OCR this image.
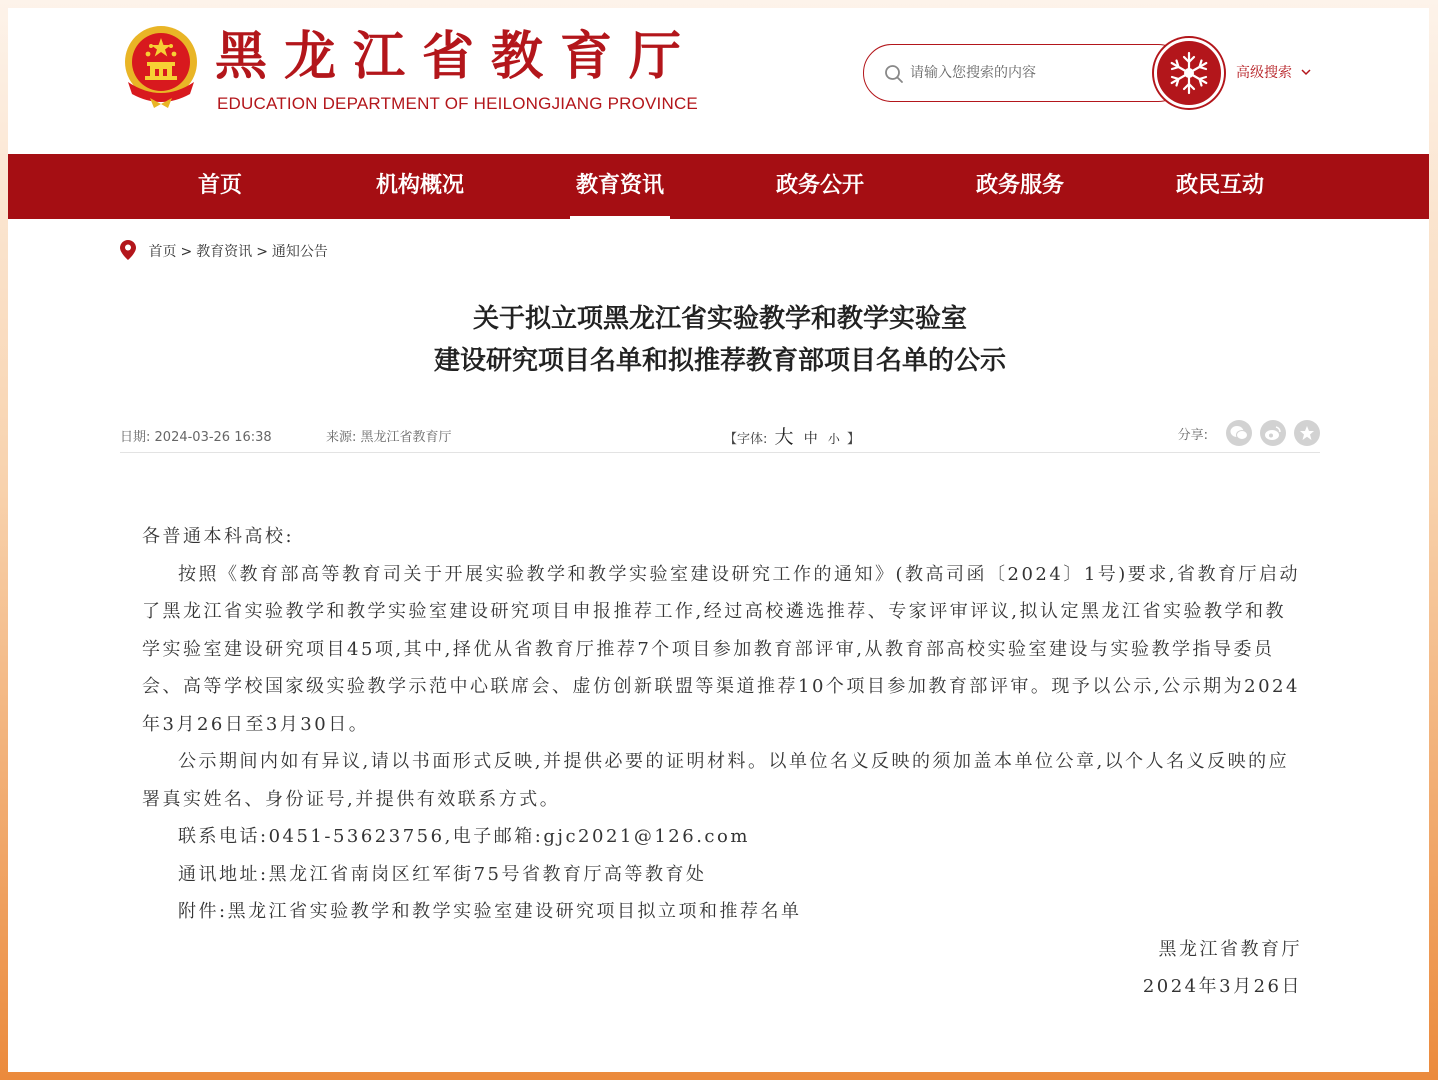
黑龙江省教育厅
EDUCATION DEPARTMENT OF HEILONGJIANG PROVINCE
请输入您搜索的内容
高级搜索
首页	机构概况	教育资讯	政务公开	政务服务	政民互动
首页 > 教育资讯 > 通知公告
关于拟立项黑龙江省实验教学和教学实验室
建设研究项目名单和拟推荐教育部项目名单的公示
日期: 2024-03-26 16:38	来源: 黑龙江省教育厅	【字体: 大 中 小 】	分享:

各普通本科高校:

按照《教育部高等教育司关于开展实验教学和教学实验室建设研究工作的通知》(教高司函〔2024〕1号)要求,省教育厅启动了黑龙江省实验教学和教学实验室建设研究项目申报推荐工作,经过高校遴选推荐、专家评审评议,拟认定黑龙江省实验教学和教学实验室建设研究项目45项,其中,择优从省教育厅推荐7个项目参加教育部评审,从教育部高校实验室建设与实验教学指导委员会、高等学校国家级实验教学示范中心联席会、虚仿创新联盟等渠道推荐10个项目参加教育部评审。现予以公示,公示期为2024年3月26日至3月30日。

公示期间内如有异议,请以书面形式反映,并提供必要的证明材料。以单位名义反映的须加盖本单位公章,以个人名义反映的应署真实姓名、身份证号,并提供有效联系方式。

联系电话:0451-53623756,电子邮箱:gjc2021@126.com

通讯地址:黑龙江省南岗区红军街75号省教育厅高等教育处

附件:黑龙江省实验教学和教学实验室建设研究项目拟立项和推荐名单

黑龙江省教育厅

2024年3月26日
